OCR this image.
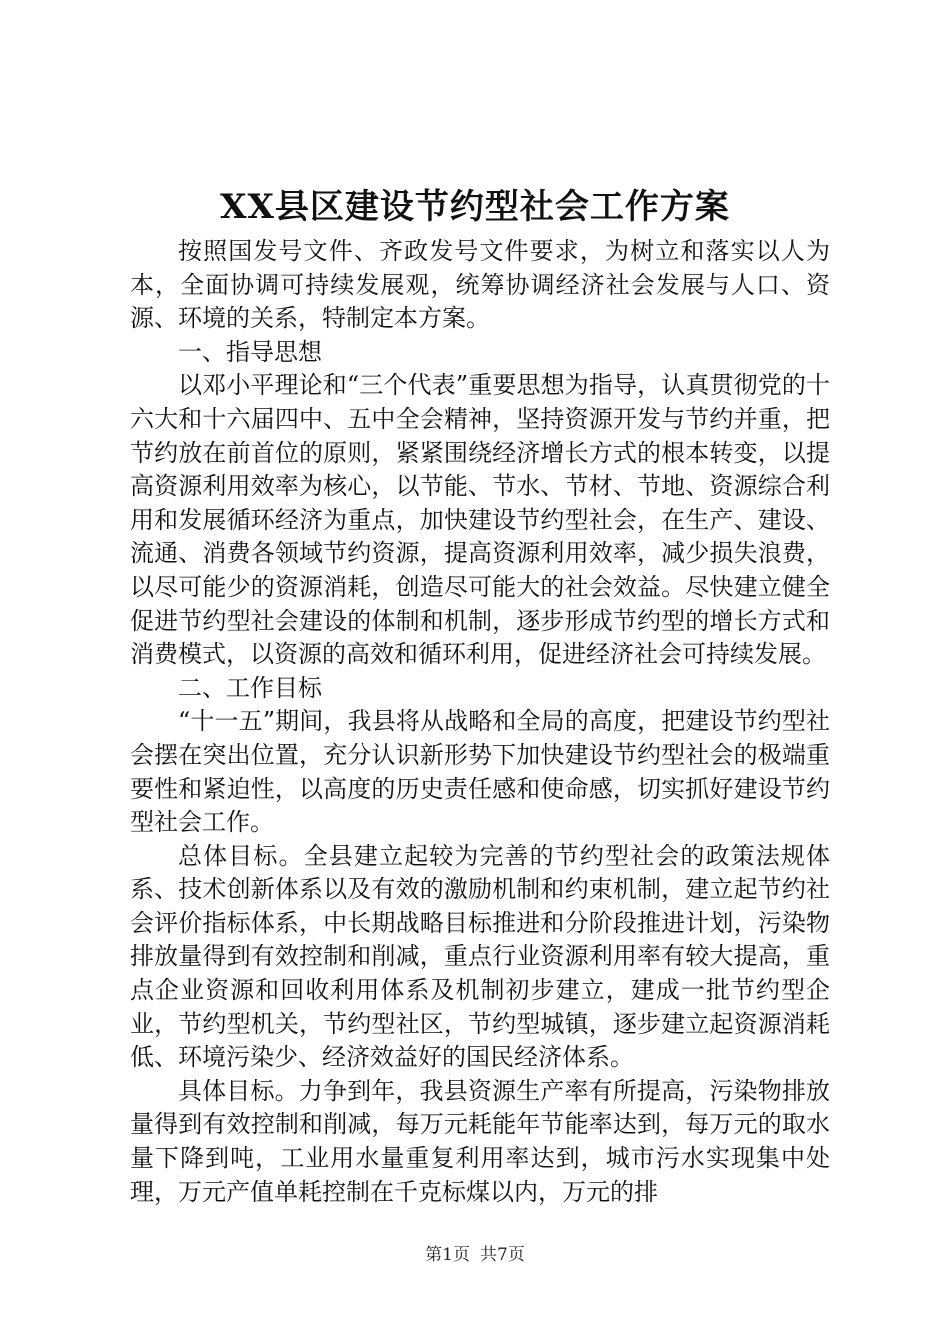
XX县区建设节约型社会工作方案

按照国发号文件、齐政发号文件要求，为树立和落实以人为本，全面协调可持续发展观，统筹协调经济社会发展与人口、资源、环境的关系，特制定本方案。

一、指导思想

以邓小平理论和“三个代表”重要思想为指导，认真贯彻党的十六大和十六届四中、五中全会精神，坚持资源开发与节约并重，把节约放在前首位的原则，紧紧围绕经济增长方式的根本转变，以提高资源利用效率为核心，以节能、节水、节材、节地、资源综合利用和发展循环经济为重点，加快建设节约型社会，在生产、建设、流通、消费各领域节约资源，提高资源利用效率，减少损失浪费，以尽可能少的资源消耗，创造尽可能大的社会效益。尽快建立健全促进节约型社会建设的体制和机制，逐步形成节约型的增长方式和消费模式，以资源的高效和循环利用，促进经济社会可持续发展。

二、工作目标

“十一五”期间，我县将从战略和全局的高度，把建设节约型社会摆在突出位置，充分认识新形势下加快建设节约型社会的极端重要性和紧迫性，以高度的历史责任感和使命感，切实抓好建设节约型社会工作。

总体目标。全县建立起较为完善的节约型社会的政策法规体系、技术创新体系以及有效的激励机制和约束机制，建立起节约社会评价指标体系，中长期战略目标推进和分阶段推进计划，污染物排放量得到有效控制和削减，重点行业资源利用率有较大提高，重点企业资源和回收利用体系及机制初步建立，建成一批节约型企业，节约型机关，节约型社区，节约型城镇，逐步建立起资源消耗低、环境污染少、经济效益好的国民经济体系。

具体目标。力争到年，我县资源生产率有所提高，污染物排放量得到有效控制和削减，每万元耗能年节能率达到，每万元的取水量下降到吨，工业用水量重复利用率达到，城市污水实现集中处理，万元产值单耗控制在千克标煤以内，万元的排

第1页 共7页
